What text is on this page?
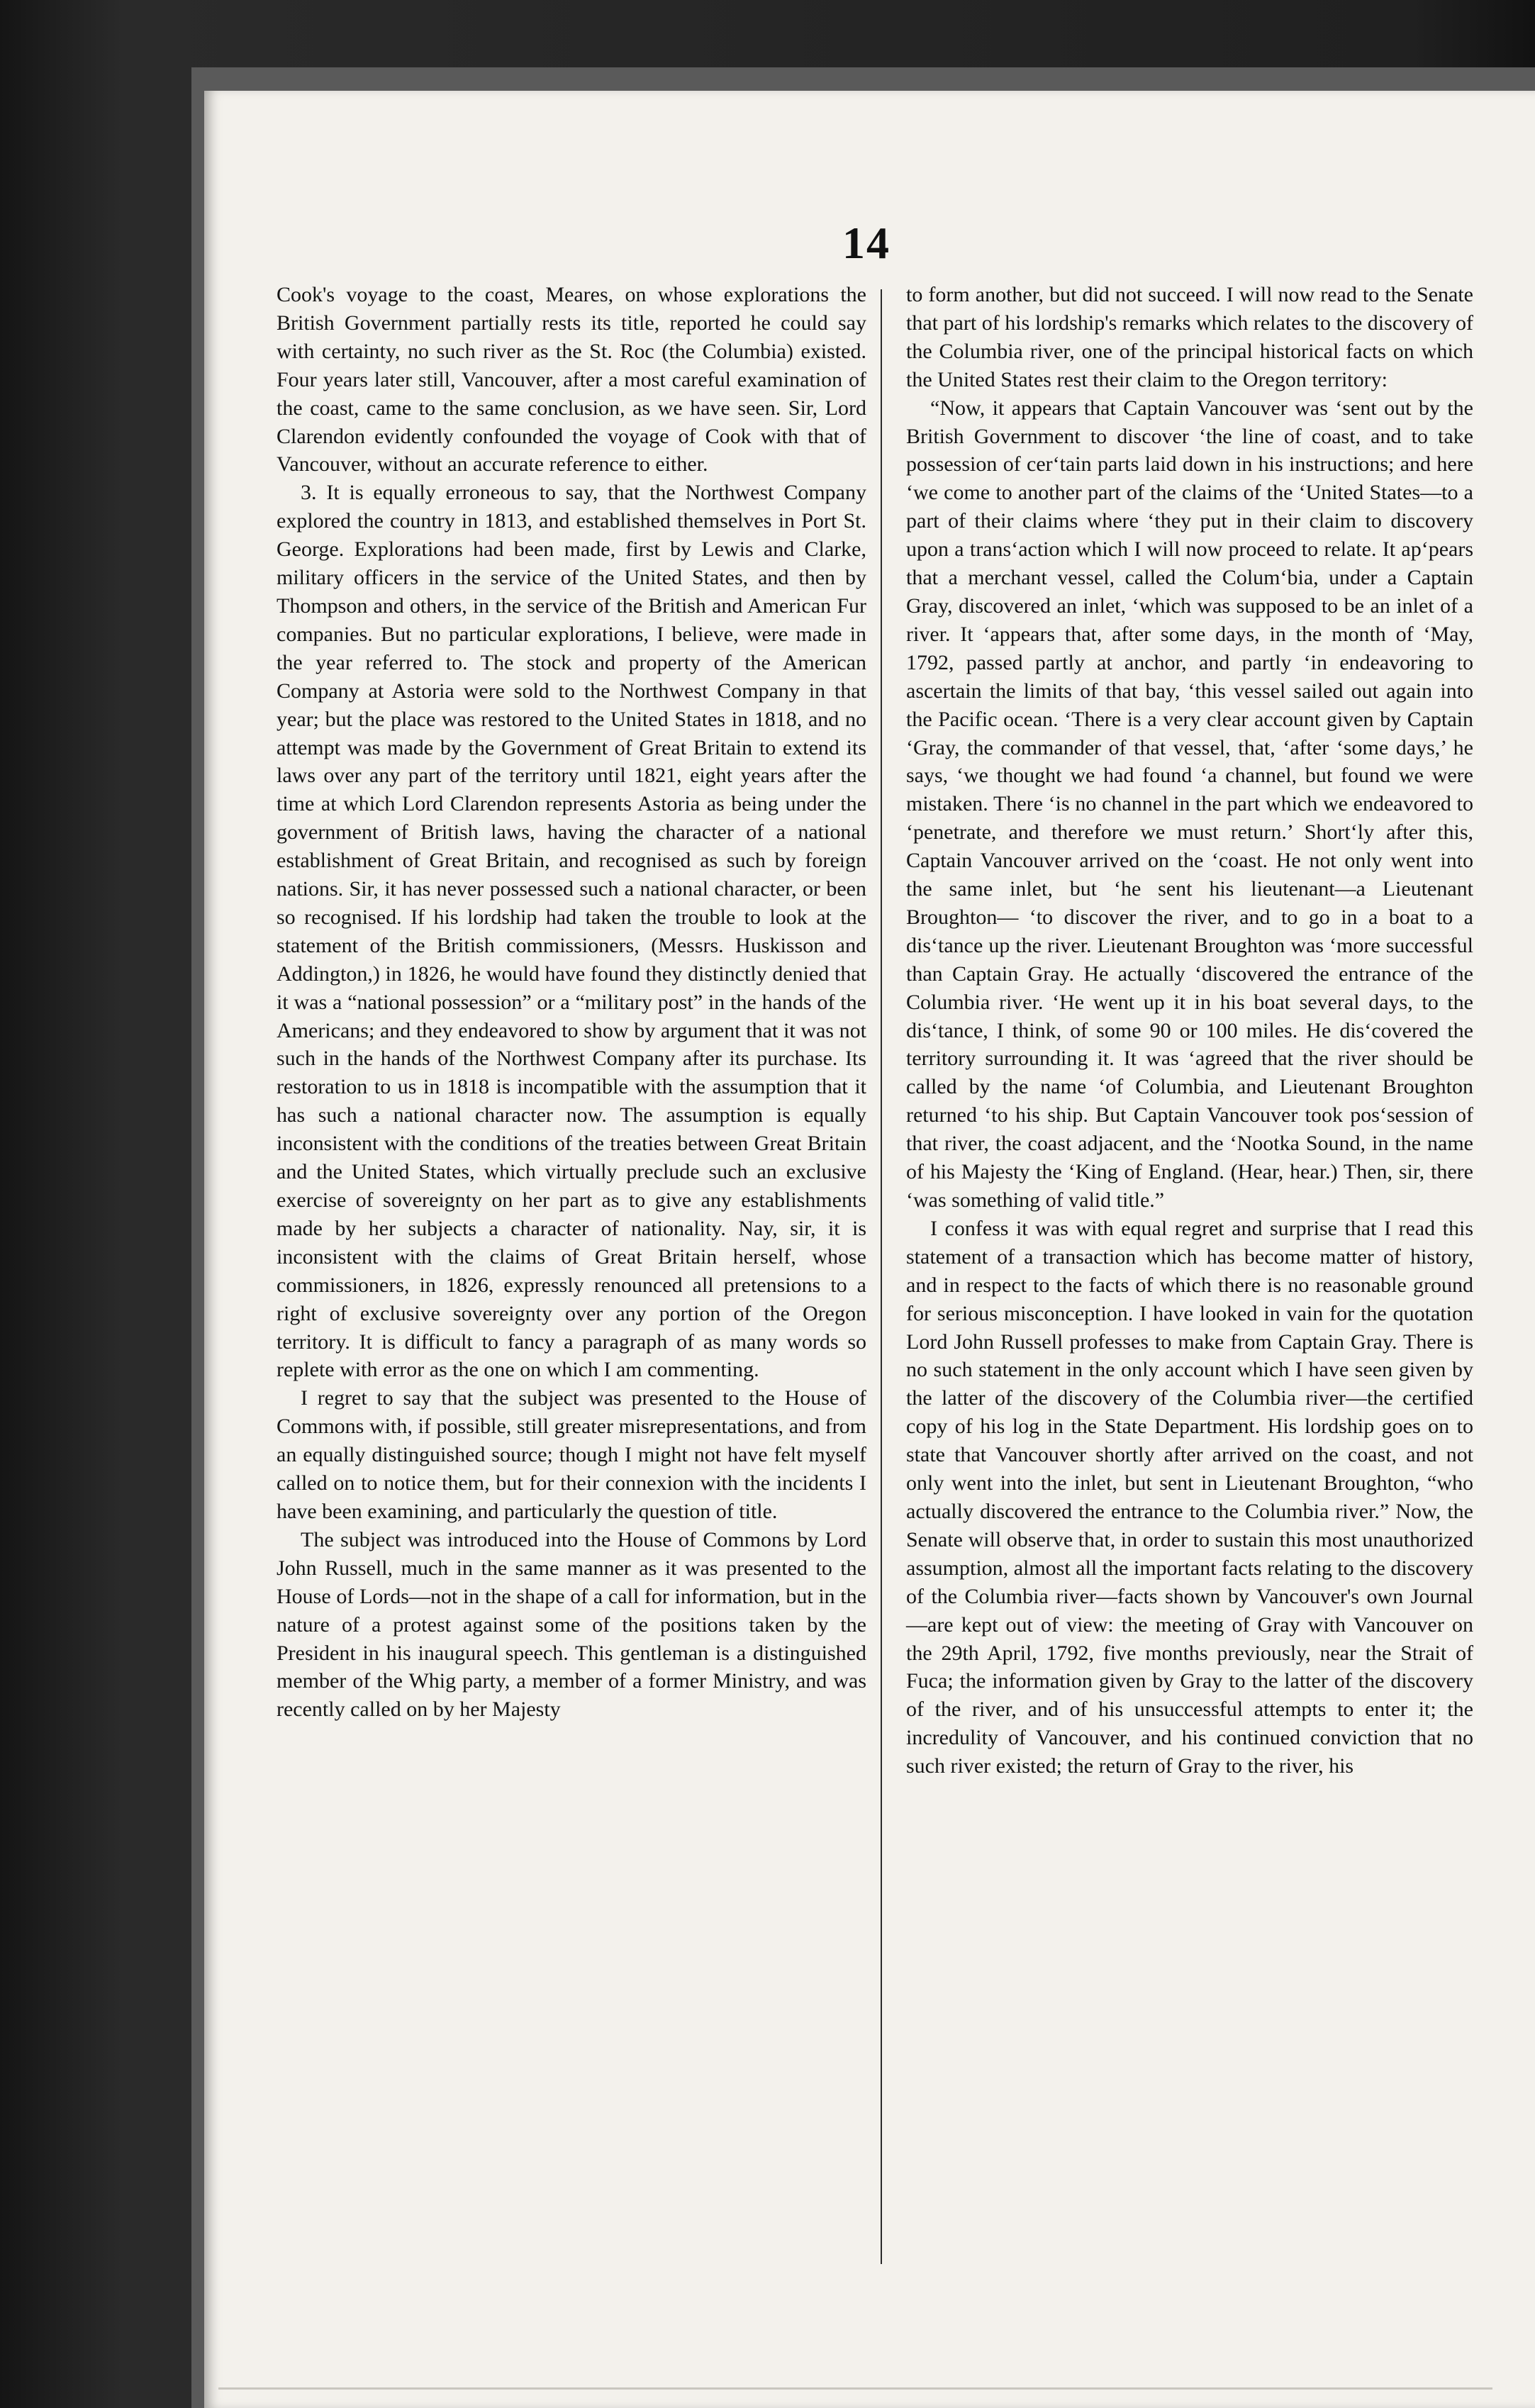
14

Cook's voyage to the coast, Meares, on whose explorations the British Government partially rests its title, reported he could say with certainty, no such river as the St. Roc (the Columbia) existed. Four years later still, Vancouver, after a most careful examination of the coast, came to the same conclusion, as we have seen. Sir, Lord Clarendon evidently confounded the voyage of Cook with that of Vancouver, without an accurate reference to either.

3. It is equally erroneous to say, that the Northwest Company explored the country in 1813, and established themselves in Port St. George. Explorations had been made, first by Lewis and Clarke, military officers in the service of the United States, and then by Thompson and others, in the service of the British and American Fur companies. But no particular explorations, I believe, were made in the year referred to. The stock and property of the American Company at Astoria were sold to the Northwest Company in that year; but the place was restored to the United States in 1818, and no attempt was made by the Government of Great Britain to extend its laws over any part of the territory until 1821, eight years after the time at which Lord Clarendon represents Astoria as being under the government of British laws, having the character of a national establishment of Great Britain, and recognised as such by foreign nations. Sir, it has never possessed such a national character, or been so recognised. If his lordship had taken the trouble to look at the statement of the British commissioners, (Messrs. Huskisson and Addington,) in 1826, he would have found they distinctly denied that it was a “national possession” or a “military post” in the hands of the Americans; and they endeavored to show by argument that it was not such in the hands of the Northwest Company after its purchase. Its restoration to us in 1818 is incompatible with the assumption that it has such a national character now. The assumption is equally inconsistent with the conditions of the treaties between Great Britain and the United States, which virtually preclude such an exclusive exercise of sovereignty on her part as to give any establishments made by her subjects a character of nationality. Nay, sir, it is inconsistent with the claims of Great Britain herself, whose commissioners, in 1826, expressly renounced all pretensions to a right of exclusive sovereignty over any portion of the Oregon territory. It is difficult to fancy a paragraph of as many words so replete with error as the one on which I am commenting.

I regret to say that the subject was presented to the House of Commons with, if possible, still greater misrepresentations, and from an equally distinguished source; though I might not have felt myself called on to notice them, but for their connexion with the incidents I have been examining, and particularly the question of title.

The subject was introduced into the House of Commons by Lord John Russell, much in the same manner as it was presented to the House of Lords—not in the shape of a call for information, but in the nature of a protest against some of the positions taken by the President in his inaugural speech. This gentleman is a distinguished member of the Whig party, a member of a former Ministry, and was recently called on by her Majesty

to form another, but did not succeed. I will now read to the Senate that part of his lordship's remarks which relates to the discovery of the Columbia river, one of the principal historical facts on which the United States rest their claim to the Oregon territory:

“Now, it appears that Captain Vancouver was ‘sent out by the British Government to discover ‘the line of coast, and to take possession of cer‘tain parts laid down in his instructions; and here ‘we come to another part of the claims of the ‘United States—to a part of their claims where ‘they put in their claim to discovery upon a trans‘action which I will now proceed to relate. It ap‘pears that a merchant vessel, called the Colum‘bia, under a Captain Gray, discovered an inlet, ‘which was supposed to be an inlet of a river. It ‘appears that, after some days, in the month of ‘May, 1792, passed partly at anchor, and partly ‘in endeavoring to ascertain the limits of that bay, ‘this vessel sailed out again into the Pacific ocean. ‘There is a very clear account given by Captain ‘Gray, the commander of that vessel, that, ‘after ‘some days,’ he says, ‘we thought we had found ‘a channel, but found we were mistaken. There ‘is no channel in the part which we endeavored to ‘penetrate, and therefore we must return.’ Short‘ly after this, Captain Vancouver arrived on the ‘coast. He not only went into the same inlet, but ‘he sent his lieutenant—a Lieutenant Broughton— ‘to discover the river, and to go in a boat to a dis‘tance up the river. Lieutenant Broughton was ‘more successful than Captain Gray. He actually ‘discovered the entrance of the Columbia river. ‘He went up it in his boat several days, to the dis‘tance, I think, of some 90 or 100 miles. He dis‘covered the territory surrounding it. It was ‘agreed that the river should be called by the name ‘of Columbia, and Lieutenant Broughton returned ‘to his ship. But Captain Vancouver took pos‘session of that river, the coast adjacent, and the ‘Nootka Sound, in the name of his Majesty the ‘King of England. (Hear, hear.) Then, sir, there ‘was something of valid title.”

I confess it was with equal regret and surprise that I read this statement of a transaction which has become matter of history, and in respect to the facts of which there is no reasonable ground for serious misconception. I have looked in vain for the quotation Lord John Russell professes to make from Captain Gray. There is no such statement in the only account which I have seen given by the latter of the discovery of the Columbia river—the certified copy of his log in the State Department. His lordship goes on to state that Vancouver shortly after arrived on the coast, and not only went into the inlet, but sent in Lieutenant Broughton, “who actually discovered the entrance to the Columbia river.” Now, the Senate will observe that, in order to sustain this most unauthorized assumption, almost all the important facts relating to the discovery of the Columbia river—facts shown by Vancouver's own Journal—are kept out of view: the meeting of Gray with Vancouver on the 29th April, 1792, five months previously, near the Strait of Fuca; the information given by Gray to the latter of the discovery of the river, and of his unsuccessful attempts to enter it; the incredulity of Vancouver, and his continued conviction that no such river existed; the return of Gray to the river, his
